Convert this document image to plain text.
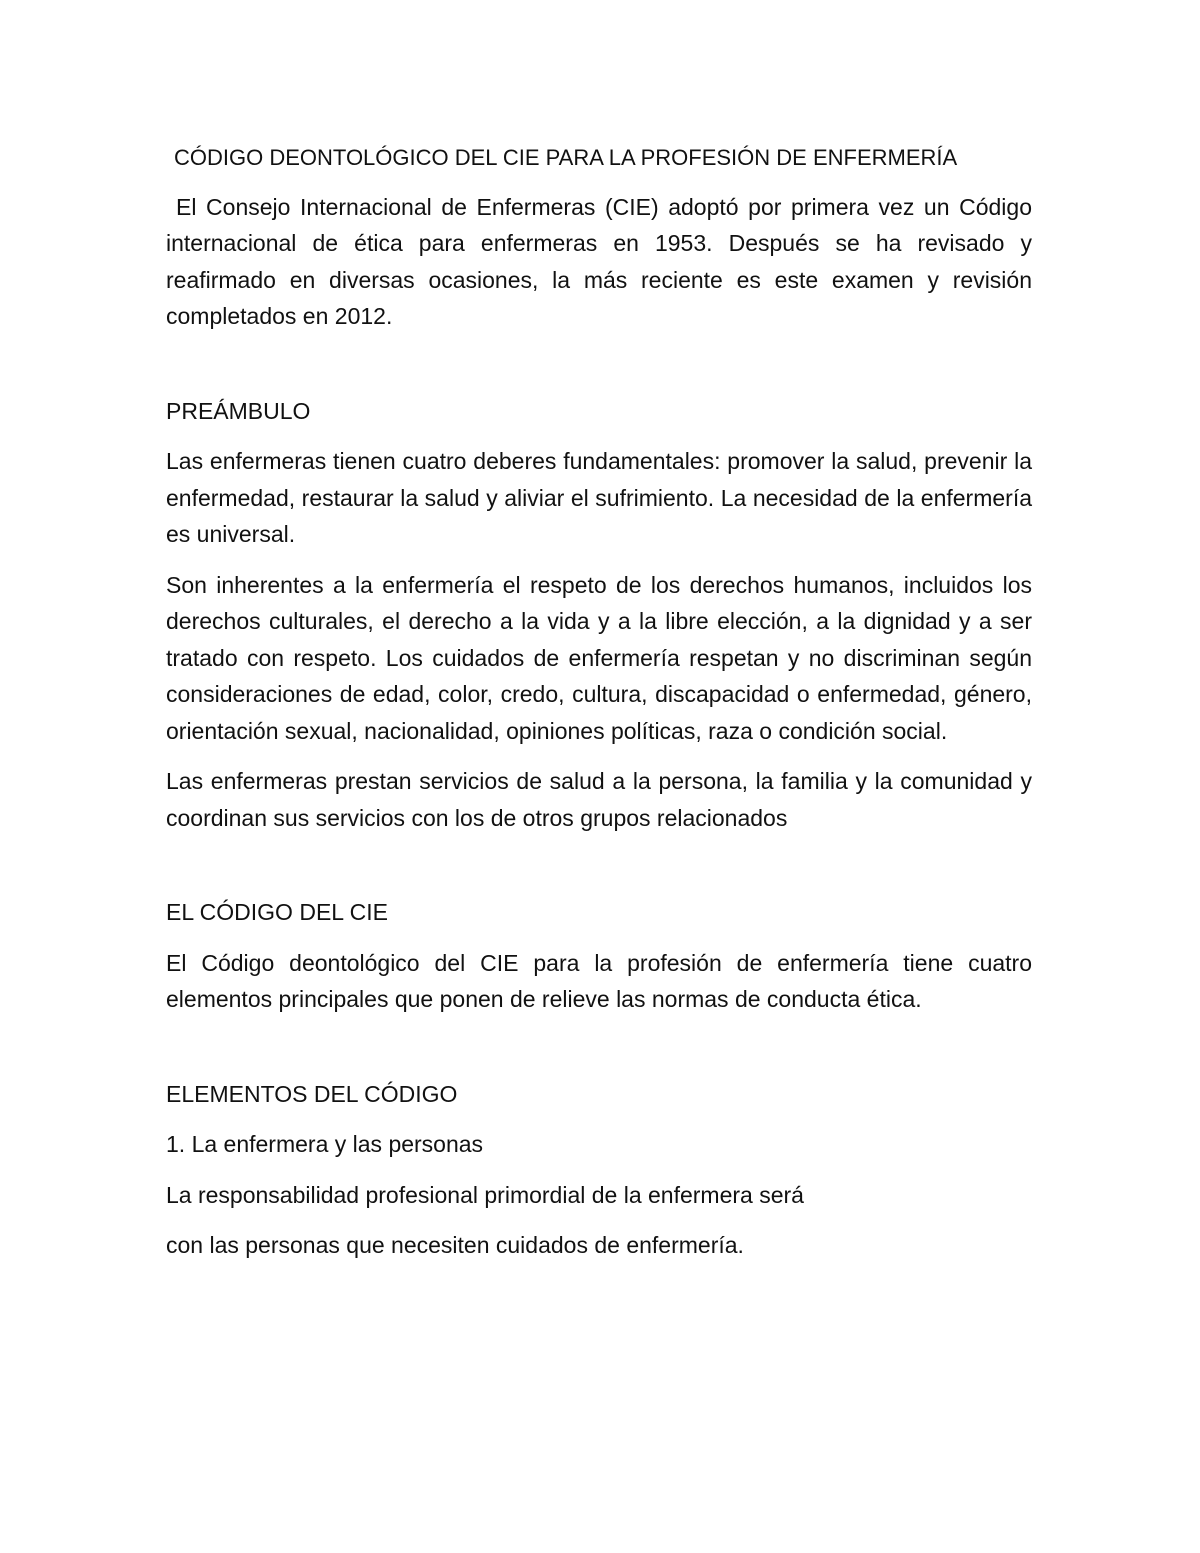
CÓDIGO DEONTOLÓGICO DEL CIE PARA LA PROFESIÓN DE ENFERMERÍA

El Consejo Internacional de Enfermeras (CIE) adoptó por primera vez un Código internacional de ética para enfermeras en 1953. Después se ha revisado y reafirmado en diversas ocasiones, la más reciente es este examen y revisión completados en 2012.

PREÁMBULO

Las enfermeras tienen cuatro deberes fundamentales: promover la salud, prevenir la enfermedad, restaurar la salud y aliviar el sufrimiento. La necesidad de la enfermería es universal.

Son inherentes a la enfermería el respeto de los derechos humanos, incluidos los derechos culturales, el derecho a la vida y a la libre elección, a la dignidad y a ser tratado con respeto. Los cuidados de enfermería respetan y no discriminan según consideraciones de edad, color, credo, cultura, discapacidad o enfermedad, género, orientación sexual, nacionalidad, opiniones políticas, raza o condición social.

Las enfermeras prestan servicios de salud a la persona, la familia y la comunidad y coordinan sus servicios con los de otros grupos relacionados

EL CÓDIGO DEL CIE

El Código deontológico del CIE para la profesión de enfermería tiene cuatro elementos principales que ponen de relieve las normas de conducta ética.

ELEMENTOS DEL CÓDIGO
1. La enfermera y las personas
La responsabilidad profesional primordial de la enfermera será
con las personas que necesiten cuidados de enfermería.
